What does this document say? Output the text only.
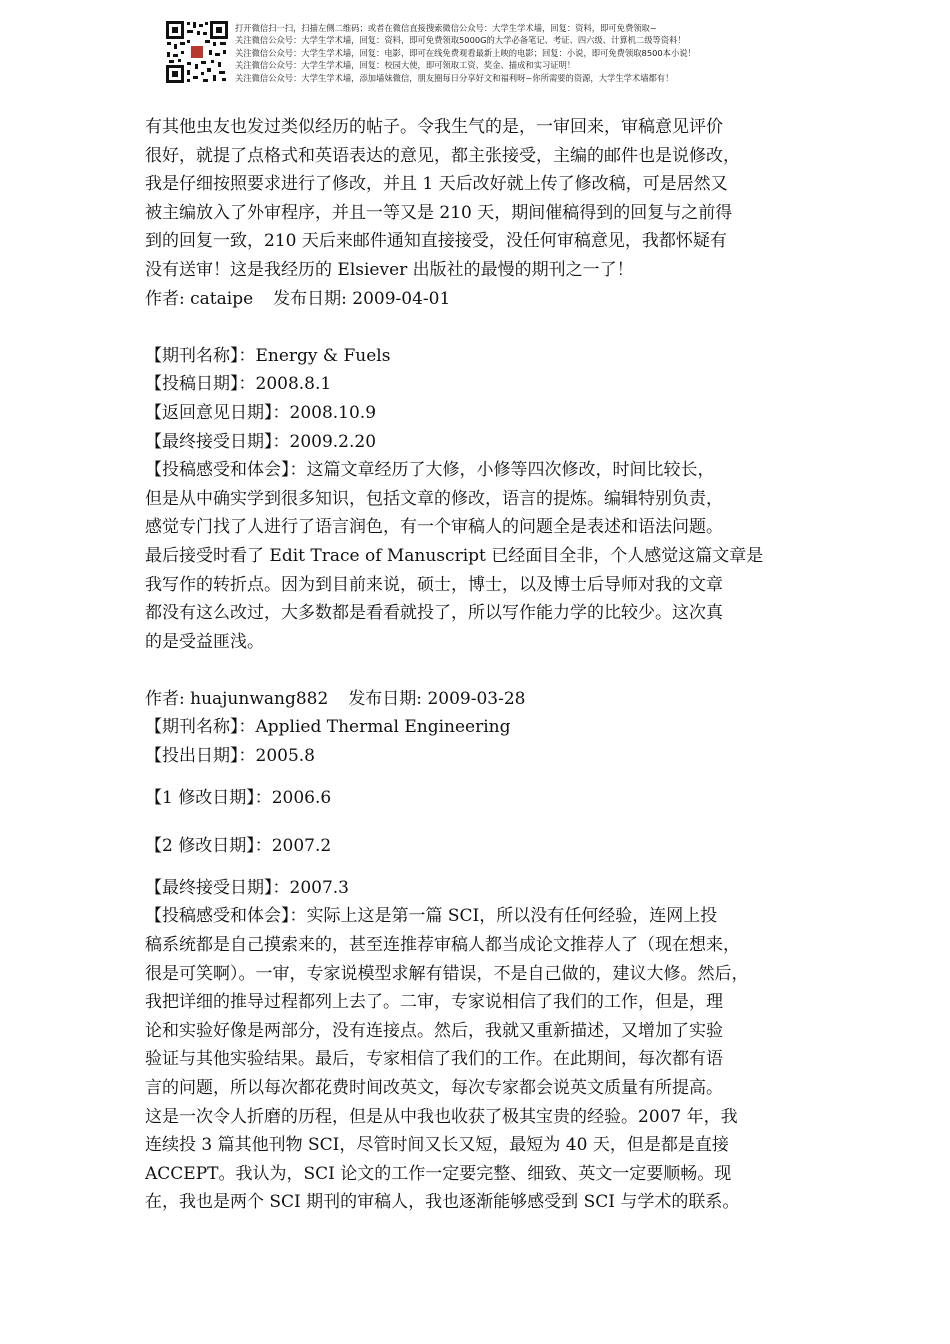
打开微信扫一扫，扫描左侧二维码；或者在微信直接搜索微信公众号：大学生学术墙，回复：资料，即可免费领取~
关注微信公众号：大学生学术墙，回复：资料，即可免费领取5000G的大学必备笔记、考证、四六级、计算机二级等资料！
关注微信公众号：大学生学术墙，回复：电影，即可在线免费观看最新上映的电影；回复：小说，即可免费领取8500本小说！
关注微信公众号：大学生学术墙，回复：校园大使，即可领取工资、奖金、描成和实习证明！
关注微信公众号：大学生学术墙，添加墙妹微信，朋友圈每日分享好文和福利呀~你所需要的资源，大学生学术墙都有！
有其他虫友也发过类似经历的帖子。令我生气的是，一审回来，审稿意见评价
很好，就提了点格式和英语表达的意见，都主张接受，主编的邮件也是说修改，
我是仔细按照要求进行了修改，并且 1 天后改好就上传了修改稿，可是居然又
被主编放入了外审程序，并且一等又是 210 天，期间催稿得到的回复与之前得
到的回复一致，210 天后来邮件通知直接接受，没任何审稿意见，我都怀疑有
没有送审！这是我经历的 Elsiever 出版社的最慢的期刊之一了！
作者: cataipe 发布日期: 2009-04-01
【期刊名称】：Energy & Fuels
【投稿日期】：2008.8.1
【返回意见日期】：2008.10.9
【最终接受日期】：2009.2.20
【投稿感受和体会】：这篇文章经历了大修，小修等四次修改，时间比较长，
但是从中确实学到很多知识，包括文章的修改，语言的提炼。编辑特别负责，
感觉专门找了人进行了语言润色，有一个审稿人的问题全是表述和语法问题。
最后接受时看了 Edit Trace of Manuscript 已经面目全非，个人感觉这篇文章是
我写作的转折点。因为到目前来说，硕士，博士，以及博士后导师对我的文章
都没有这么改过，大多数都是看看就投了，所以写作能力学的比较少。这次真
的是受益匪浅。
作者: huajunwang882 发布日期: 2009-03-28
【期刊名称】：Applied Thermal Engineering
【投出日期】：2005.8
【1 修改日期】：2006.6
【2 修改日期】：2007.2
【最终接受日期】：2007.3
【投稿感受和体会】：实际上这是第一篇 SCI，所以没有任何经验，连网上投
稿系统都是自己摸索来的，甚至连推荐审稿人都当成论文推荐人了（现在想来，
很是可笑啊）。一审，专家说模型求解有错误，不是自己做的，建议大修。然后，
我把详细的推导过程都列上去了。二审，专家说相信了我们的工作，但是，理
论和实验好像是两部分，没有连接点。然后，我就又重新描述，又增加了实验
验证与其他实验结果。最后，专家相信了我们的工作。在此期间，每次都有语
言的问题，所以每次都花费时间改英文，每次专家都会说英文质量有所提高。
这是一次令人折磨的历程，但是从中我也收获了极其宝贵的经验。2007 年，我
连续投 3 篇其他刊物 SCI，尽管时间又长又短，最短为 40 天，但是都是直接
ACCEPT。我认为，SCI 论文的工作一定要完整、细致、英文一定要顺畅。现
在，我也是两个 SCI 期刊的审稿人，我也逐渐能够感受到 SCI 与学术的联系。
